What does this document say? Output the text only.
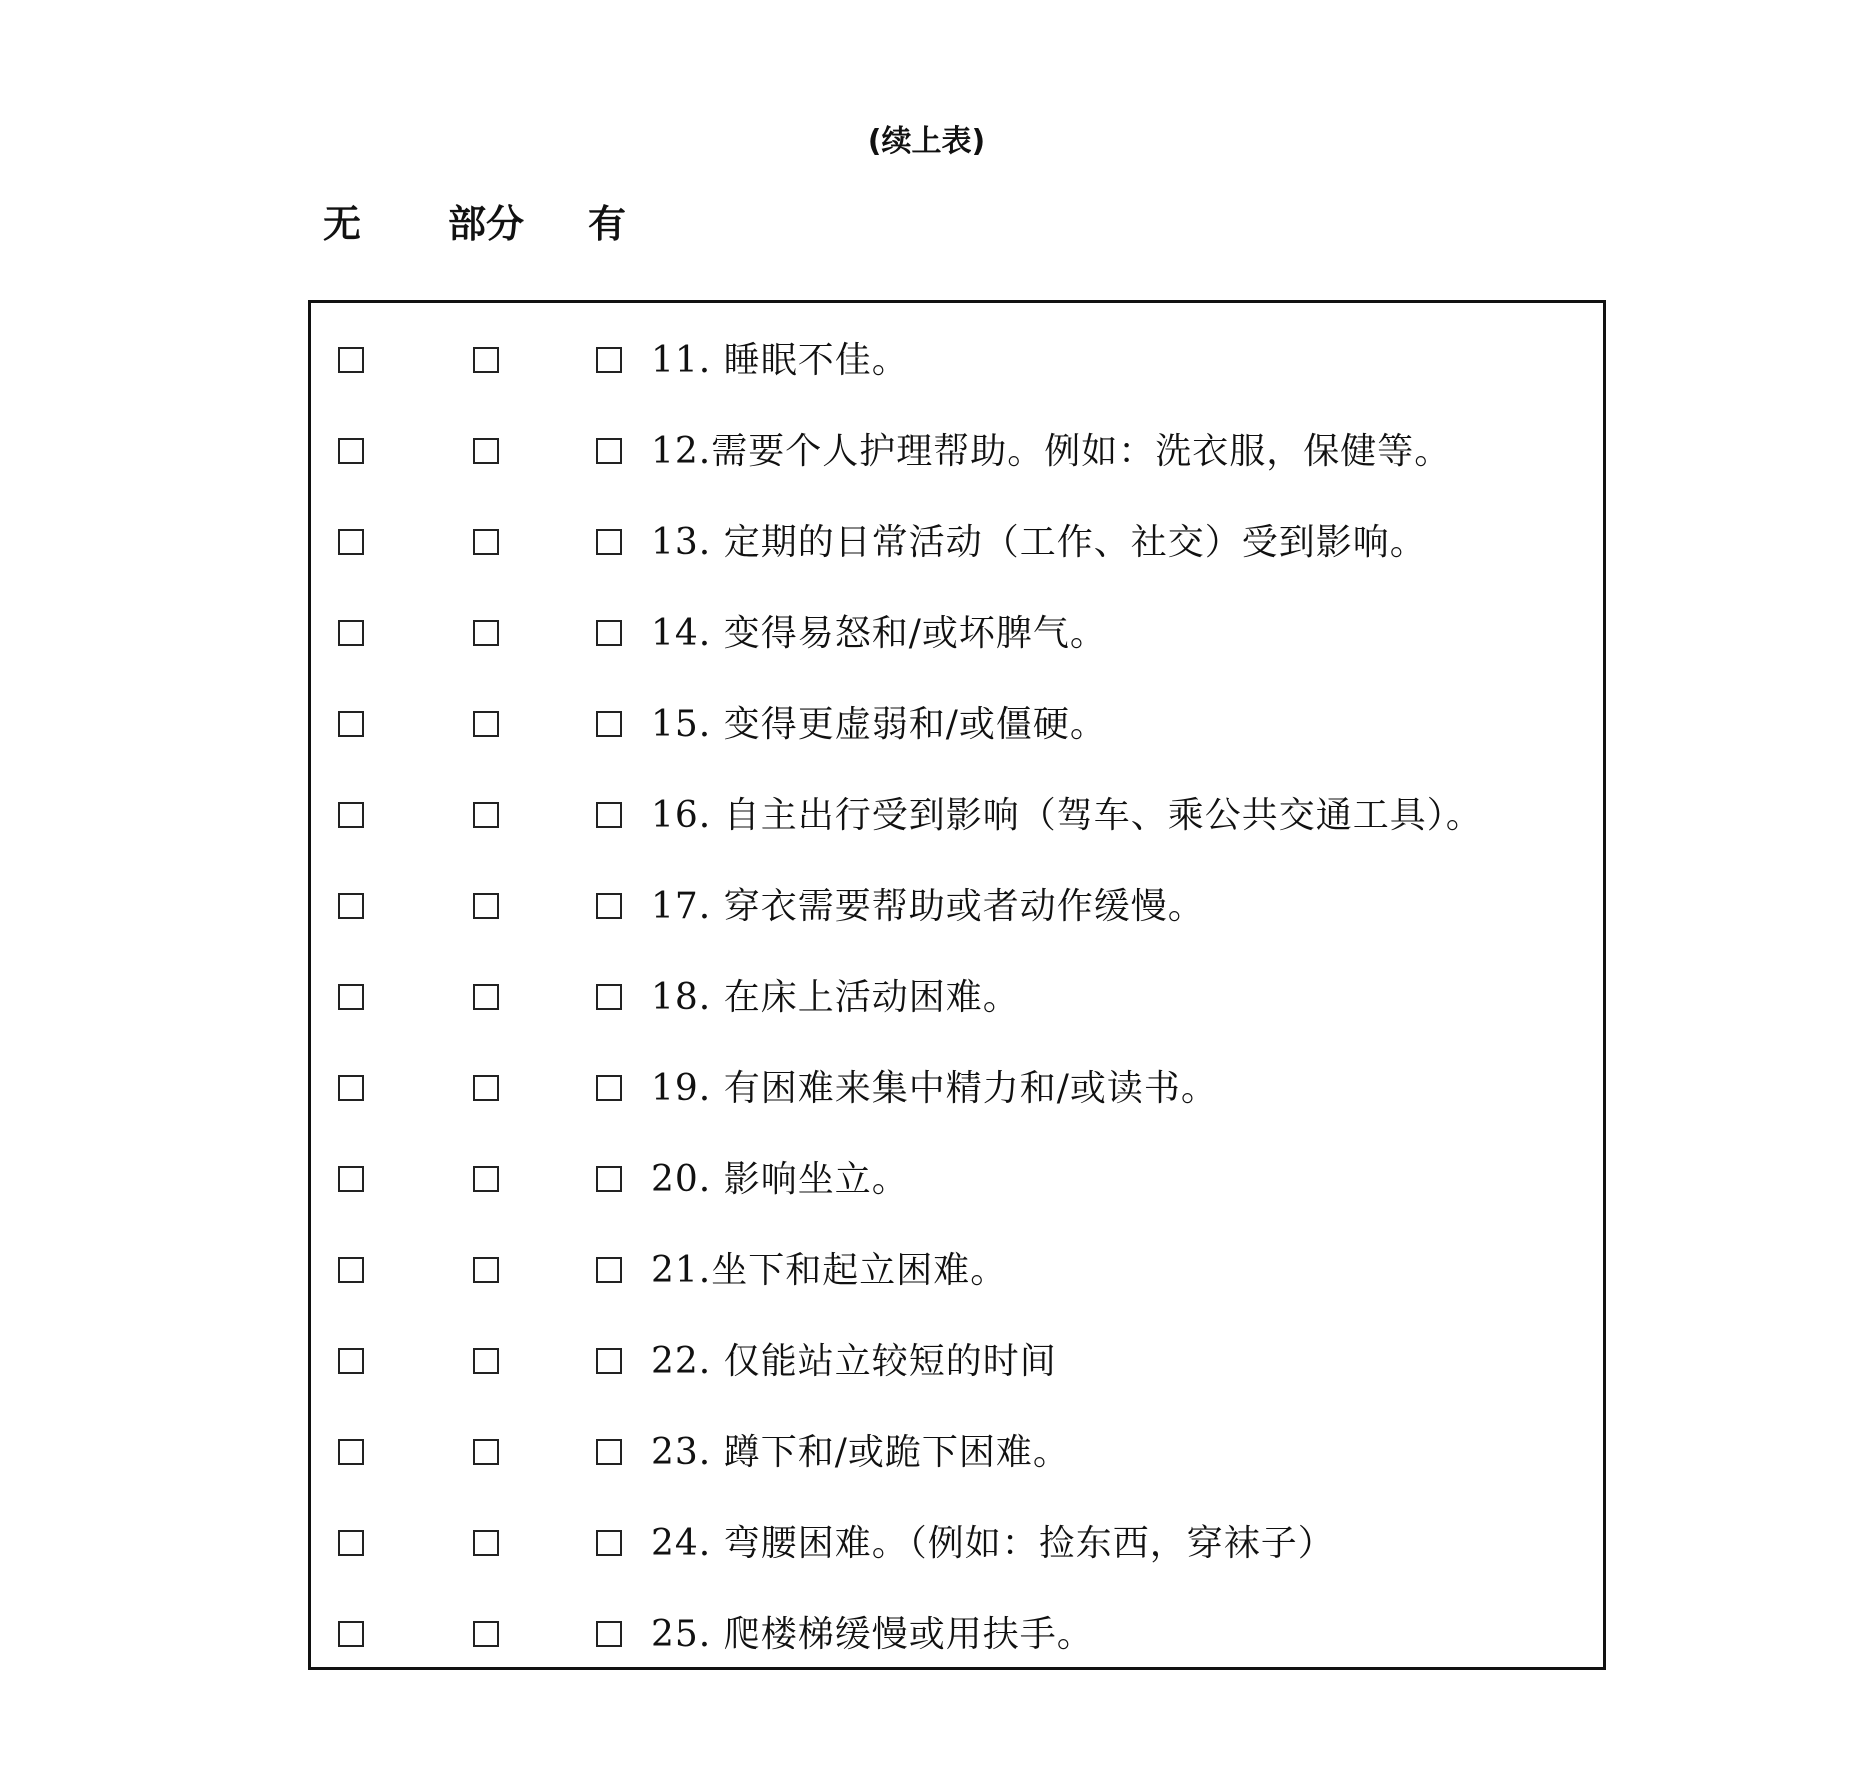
(续上表)
无 部分 有
11. 睡眠不佳。
12.需要个人护理帮助。例如：洗衣服，保健等。
13. 定期的日常活动（工作、社交）受到影响。
14. 变得易怒和/或坏脾气。
15. 变得更虚弱和/或僵硬。
16. 自主出行受到影响（驾车、乘公共交通工具）。
17. 穿衣需要帮助或者动作缓慢。
18. 在床上活动困难。
19. 有困难来集中精力和/或读书。
20. 影响坐立。
21.坐下和起立困难。
22. 仅能站立较短的时间
23. 蹲下和/或跪下困难。
24. 弯腰困难。（例如：捡东西，穿袜子）
25. 爬楼梯缓慢或用扶手。
